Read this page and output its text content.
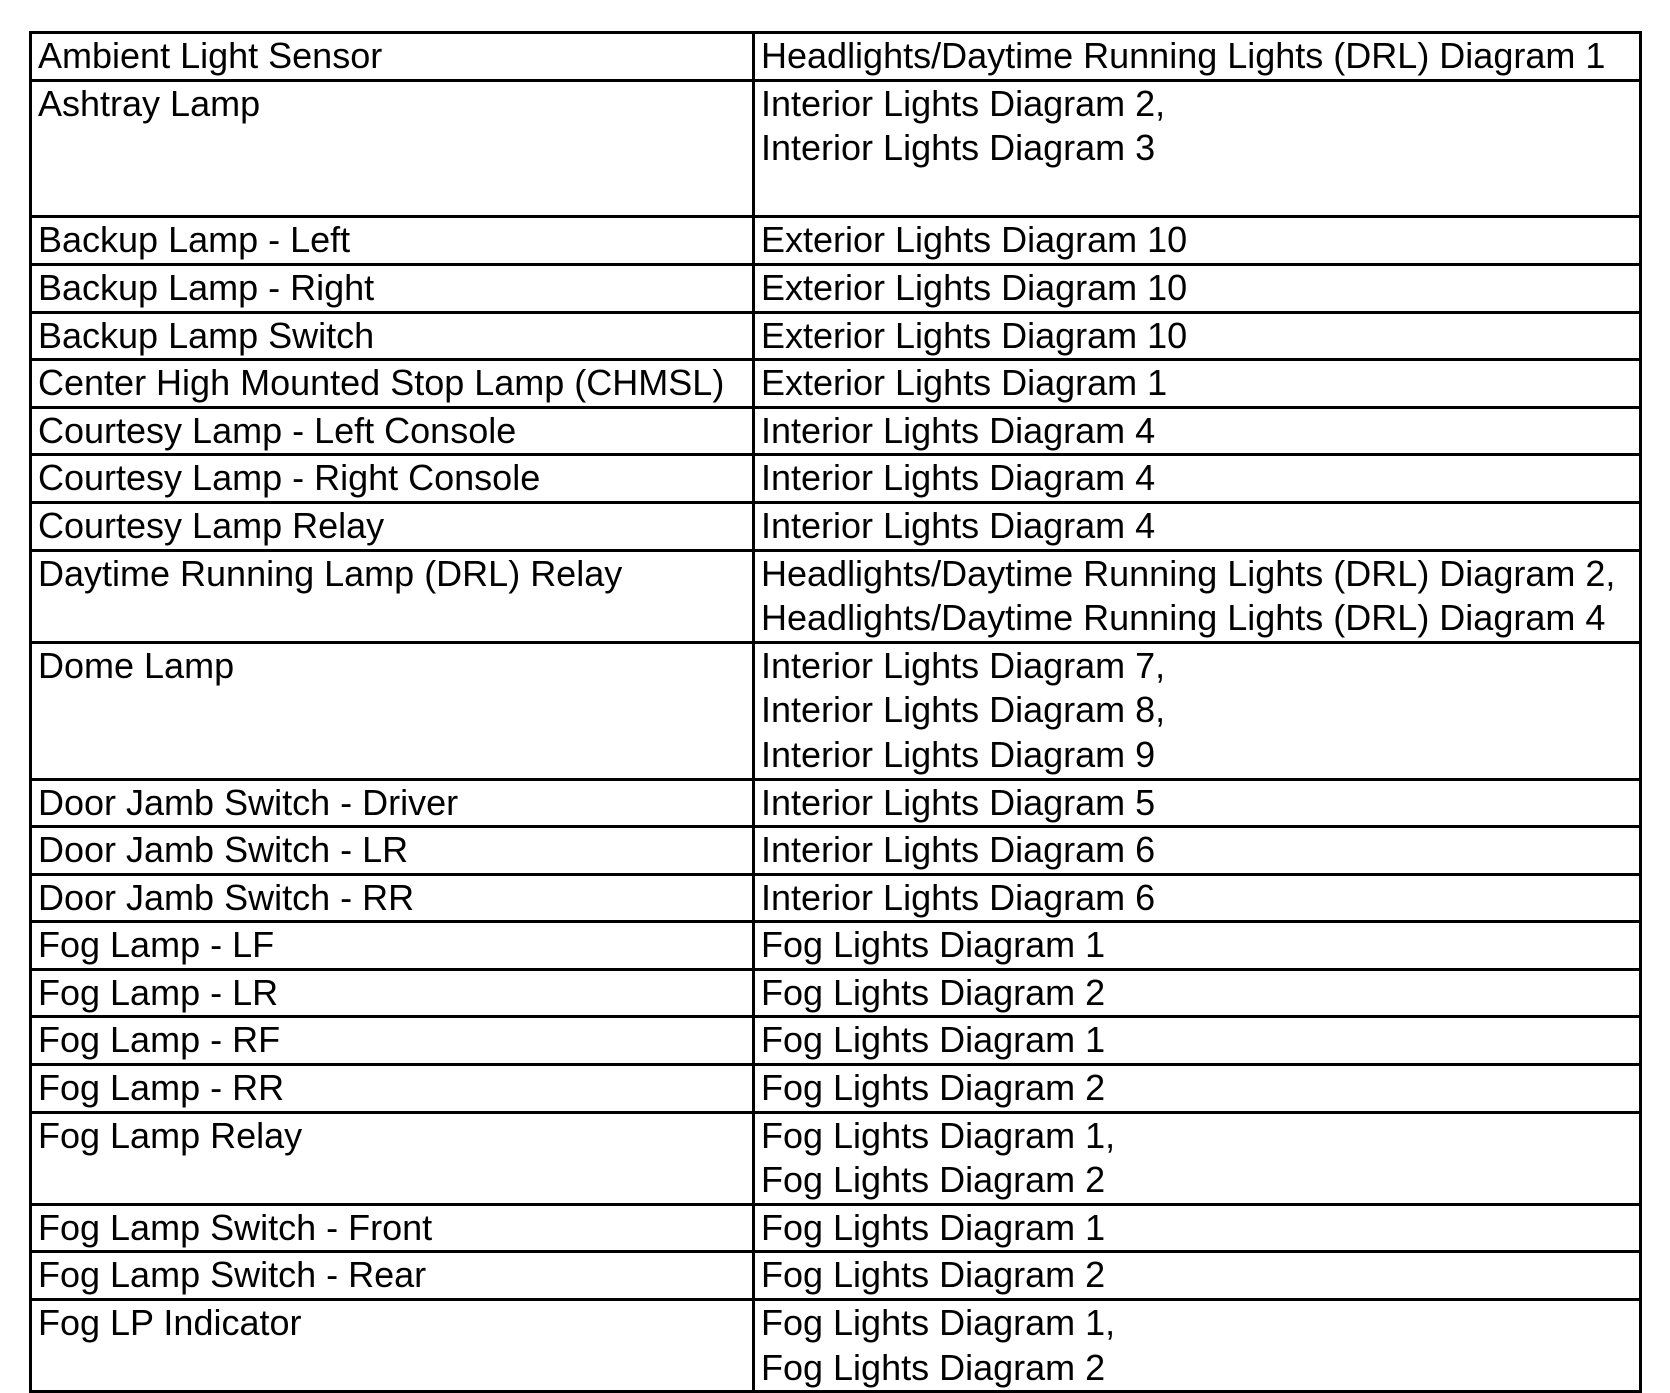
Ambient Light Sensor	Headlights/Daytime Running Lights (DRL) Diagram 1

Ashtray Lamp	Interior Lights Diagram 2,
Interior Lights Diagram 3

Backup Lamp - Left	Exterior Lights Diagram 10

Backup Lamp - Right	Exterior Lights Diagram 10

Backup Lamp Switch	Exterior Lights Diagram 10

Center High Mounted Stop Lamp (CHMSL)	Exterior Lights Diagram 1

Courtesy Lamp - Left Console	Interior Lights Diagram 4

Courtesy Lamp - Right Console	Interior Lights Diagram 4

Courtesy Lamp Relay	Interior Lights Diagram 4

Daytime Running Lamp (DRL) Relay	Headlights/Daytime Running Lights (DRL) Diagram 2,
Headlights/Daytime Running Lights (DRL) Diagram 4

Dome Lamp	Interior Lights Diagram 7,
Interior Lights Diagram 8,
Interior Lights Diagram 9

Door Jamb Switch - Driver	Interior Lights Diagram 5

Door Jamb Switch - LR	Interior Lights Diagram 6

Door Jamb Switch - RR	Interior Lights Diagram 6

Fog Lamp - LF	Fog Lights Diagram 1

Fog Lamp - LR	Fog Lights Diagram 2

Fog Lamp - RF	Fog Lights Diagram 1

Fog Lamp - RR	Fog Lights Diagram 2

Fog Lamp Relay	Fog Lights Diagram 1,
Fog Lights Diagram 2

Fog Lamp Switch - Front	Fog Lights Diagram 1

Fog Lamp Switch - Rear	Fog Lights Diagram 2

Fog LP Indicator	Fog Lights Diagram 1,
Fog Lights Diagram 2
